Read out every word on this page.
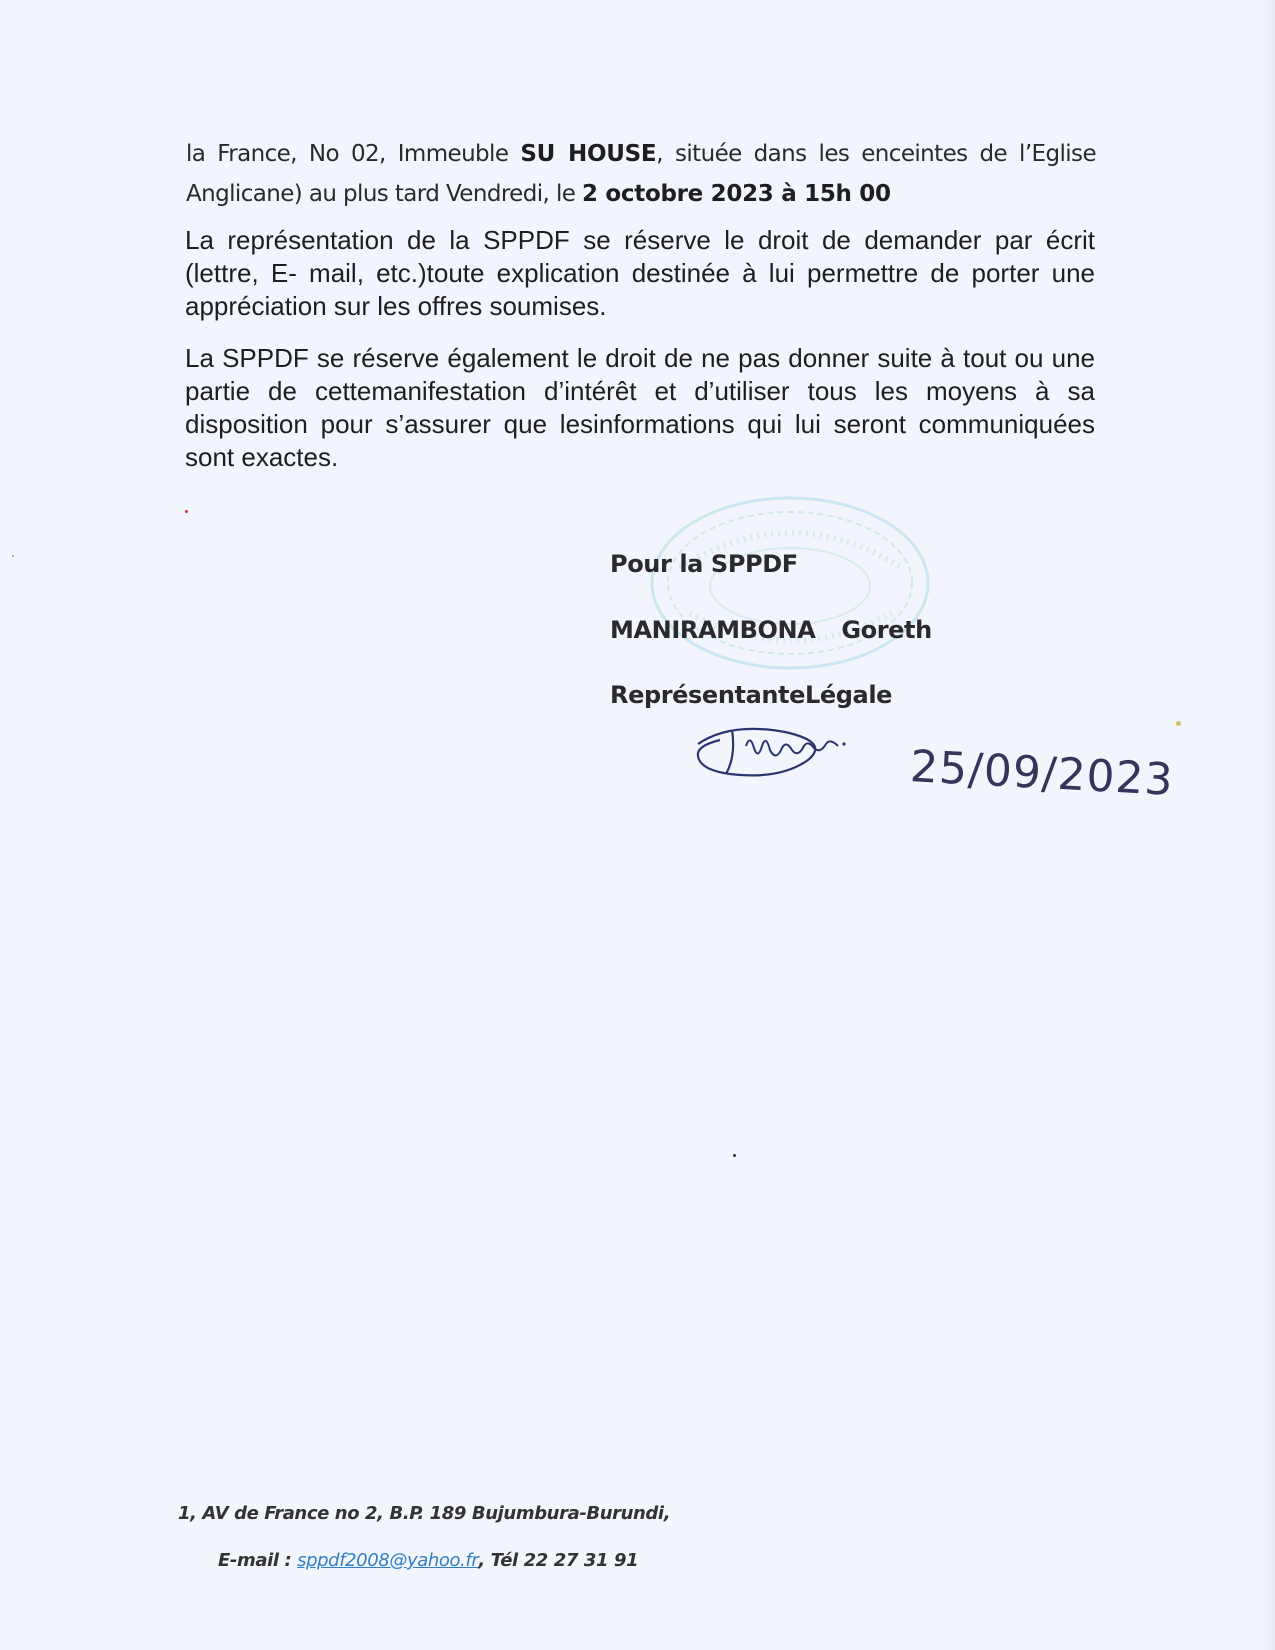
la France, No 02, Immeuble SU HOUSE, située dans les enceintes de l’Eglise Anglicane) au plus tard Vendredi, le 2 octobre 2023 à 15h 00

La représentation de la SPPDF se réserve le droit de demander par écrit (lettre, E- mail, etc.)toute explication destinée à lui permettre de porter une appréciation sur les offres soumises.

La SPPDF se réserve également le droit de ne pas donner suite à tout ou une partie de cettemanifestation d’intérêt et d’utiliser tous les moyens à sa disposition pour s’assurer que lesinformations qui lui seront communiquées sont exactes.

Pour la SPPDF
MANIRAMBONA Goreth
ReprésentanteLégale
25/09/2023
1, AV de France no 2, B.P. 189 Bujumbura-Burundi,
E-mail : sppdf2008@yahoo.fr, Tél 22 27 31 91
